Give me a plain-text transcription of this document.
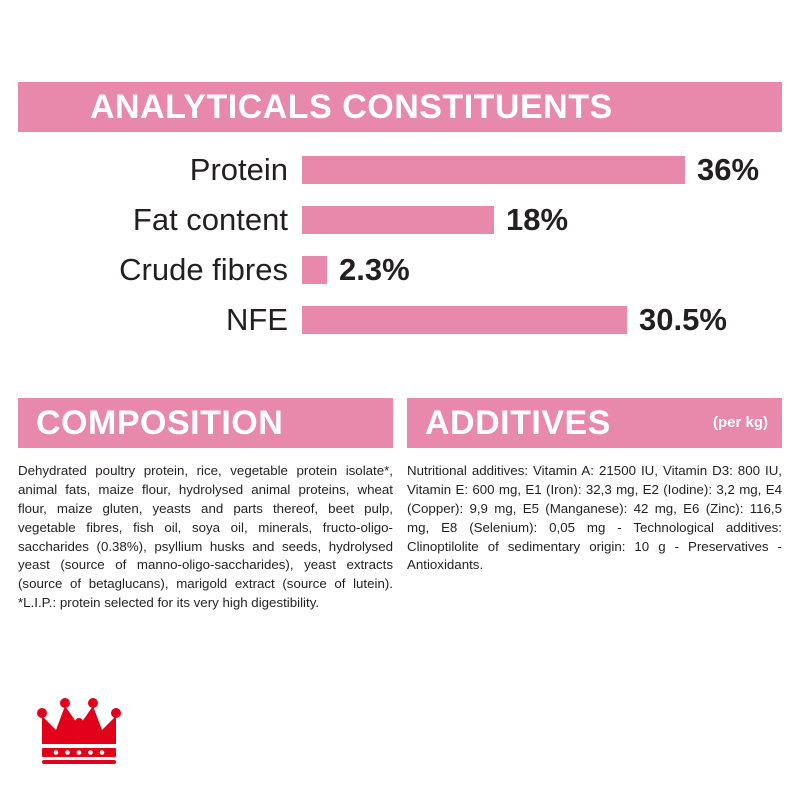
ANALYTICALS CONSTITUENTS
Protein	36%
Fat content	18%
Crude fibres	2.3%
NFE	30.5%
COMPOSITION
Dehydrated poultry protein, rice, vegetable protein isolate*, animal fats, maize flour, hydrolysed animal proteins, wheat flour, maize gluten, yeasts and parts thereof, beet pulp, vegetable fibres, fish oil, soya oil, minerals, fructo-oligo-saccharides (0.38%), psyllium husks and seeds, hydrolysed yeast (source of manno-oligo-saccharides), yeast extracts (source of betaglucans), marigold extract (source of lutein). *L.I.P.: protein selected for its very high digestibility.
ADDITIVES	(per kg)
Nutritional additives: Vitamin A: 21500 IU, Vitamin D3: 800 IU, Vitamin E: 600 mg, E1 (Iron): 32,3 mg, E2 (Iodine): 3,2 mg, E4 (Copper): 9,9 mg, E5 (Manganese): 42 mg, E6 (Zinc): 116,5 mg, E8 (Selenium): 0,05 mg - Technological additives: Clinoptilolite of sedimentary origin: 10 g - Preservatives - Antioxidants.
